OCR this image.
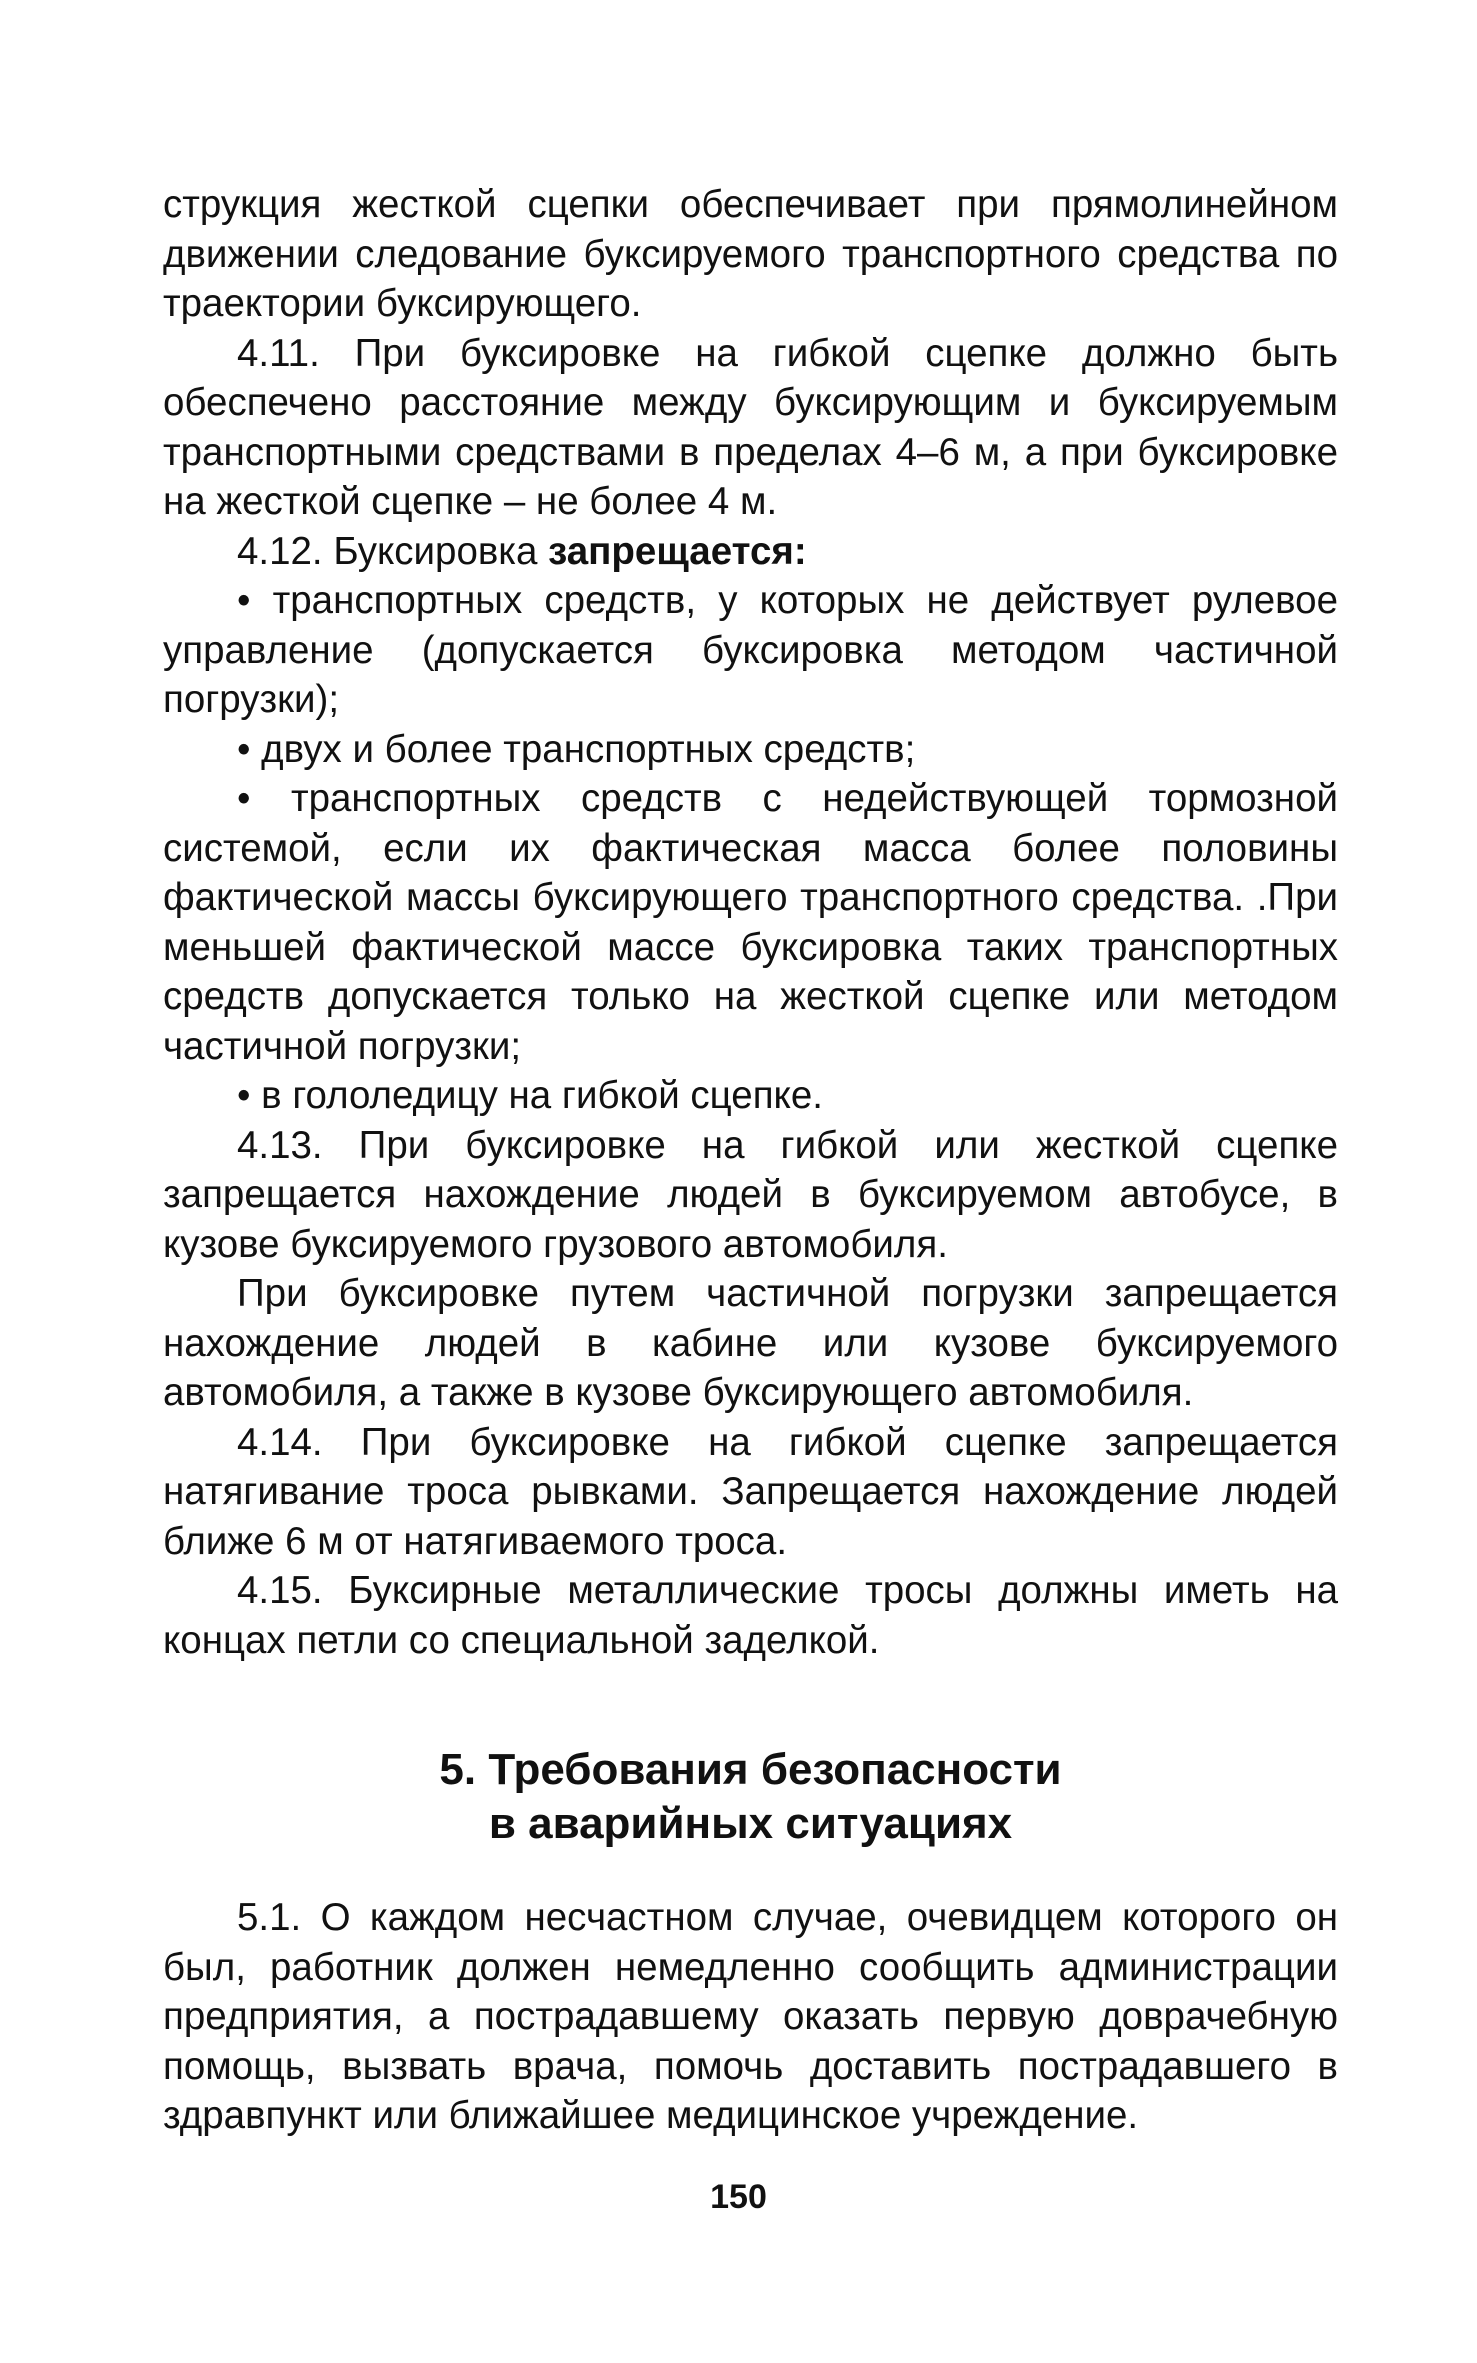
струкция жесткой сцепки обеспечивает при прямолинейном движении следование буксируемого транспортного средства по траектории буксирующего.

4.11. При буксировке на гибкой сцепке должно быть обеспечено расстояние между буксирующим и буксируемым транспортными средствами в пределах 4–6 м, а при буксировке на жесткой сцепке – не более 4 м.

4.12. Буксировка запрещается:

• транспортных средств, у которых не действует рулевое управление (допускается буксировка методом частичной погрузки);

• двух и более транспортных средств;

• транспортных средств с недействующей тормозной системой, если их фактическая масса более половины фактической массы буксирующего транспортного средства. .При меньшей фактической массе буксировка таких транспортных средств допускается только на жесткой сцепке или методом частичной погрузки;

• в гололедицу на гибкой сцепке.

4.13. При буксировке на гибкой или жесткой сцепке запрещается нахождение людей в буксируемом автобусе, в кузове буксируемого грузового автомобиля.

При буксировке путем частичной погрузки запрещается нахождение людей в кабине или кузове буксируемого автомобиля, а также в кузове буксирующего автомобиля.

4.14. При буксировке на гибкой сцепке запрещается натягивание троса рывками. Запрещается нахождение людей ближе 6 м от натягиваемого троса.

4.15. Буксирные металлические тросы должны иметь на концах петли со специальной заделкой.

5. Требования безопасности
в аварийных ситуациях

5.1. О каждом несчастном случае, очевидцем которого он был, работник должен немедленно сообщить администрации предприятия, а пострадавшему оказать первую доврачебную помощь, вызвать врача, помочь доставить пострадавшего в здравпункт или ближайшее медицинское учреждение.

150
